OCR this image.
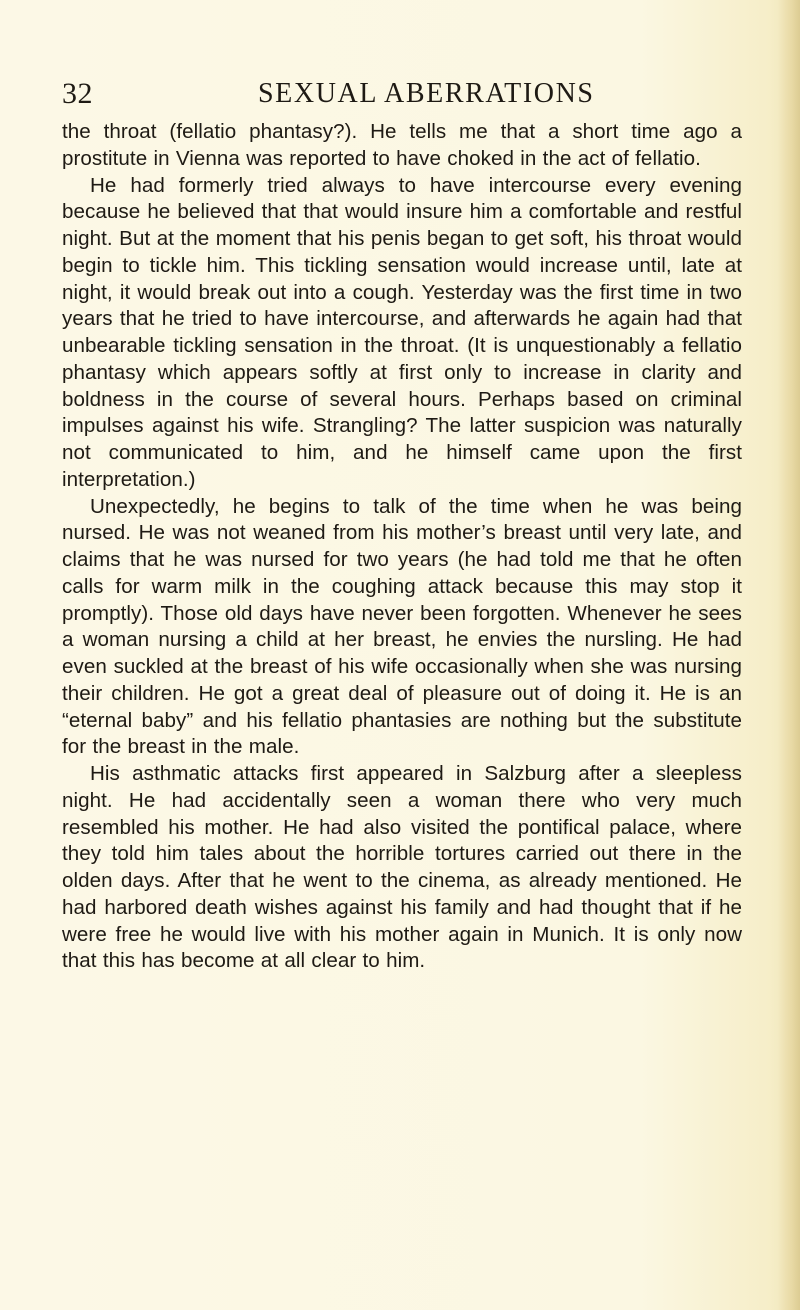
32	SEXUAL ABERRATIONS

the throat (fellatio phantasy?). He tells me that a short time ago a prostitute in Vienna was reported to have choked in the act of fellatio.

He had formerly tried always to have intercourse every evening because he believed that that would insure him a comfortable and restful night. But at the moment that his penis began to get soft, his throat would begin to tickle him. This tickling sensation would increase until, late at night, it would break out into a cough. Yesterday was the first time in two years that he tried to have intercourse, and afterwards he again had that unbearable tickling sensation in the throat. (It is unquestionably a fellatio phantasy which appears softly at first only to increase in clarity and boldness in the course of several hours. Perhaps based on criminal impulses against his wife. Strangling? The latter suspicion was naturally not communicated to him, and he himself came upon the first interpretation.)

Unexpectedly, he begins to talk of the time when he was being nursed. He was not weaned from his mother’s breast until very late, and claims that he was nursed for two years (he had told me that he often calls for warm milk in the coughing attack because this may stop it promptly). Those old days have never been forgotten. Whenever he sees a woman nursing a child at her breast, he envies the nursling. He had even suckled at the breast of his wife occasionally when she was nursing their children. He got a great deal of pleasure out of doing it. He is an “eternal baby” and his fellatio phantasies are nothing but the substitute for the breast in the male.

His asthmatic attacks first appeared in Salzburg after a sleepless night. He had accidentally seen a woman there who very much resembled his mother. He had also visited the pontifical palace, where they told him tales about the horrible tortures carried out there in the olden days. After that he went to the cinema, as already mentioned. He had harbored death wishes against his family and had thought that if he were free he would live with his mother again in Munich. It is only now that this has become at all clear to him.
